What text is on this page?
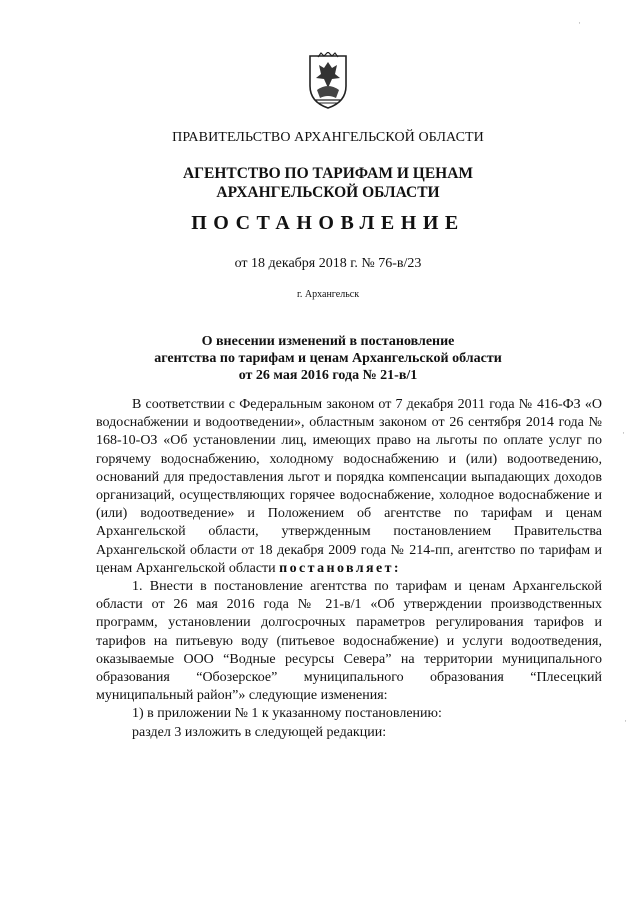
ПРАВИТЕЛЬСТВО АРХАНГЕЛЬСКОЙ ОБЛАСТИ
АГЕНТСТВО ПО ТАРИФАМ И ЦЕНАМ
АРХАНГЕЛЬСКОЙ ОБЛАСТИ
ПОСТАНОВЛЕНИЕ
от 18 декабря 2018 г. № 76-в/23
г. Архангельск
О внесении изменений в постановление
агентства по тарифам и ценам Архангельской области
от 26 мая 2016 года № 21-в/1

В соответствии с Федеральным законом от 7 декабря 2011 года № 416-ФЗ «О водоснабжении и водоотведении», областным законом от 26 сентября 2014 года № 168-10-ОЗ «Об установлении лиц, имеющих право на льготы по оплате услуг по горячему водоснабжению, холодному водоснабжению и (или) водоотведению, оснований для предоставления льгот и порядка компенсации выпадающих доходов организаций, осуществляющих горячее водоснабжение, холодное водоснабжение и (или) водоотведение» и Положением об агентстве по тарифам и ценам Архангельской области, утвержденным постановлением Правительства Архангельской области от 18 декабря 2009 года № 214-пп, агентство по тарифам и ценам Архангельской области постановляет:

1. Внести в постановление агентства по тарифам и ценам Архангельской области от 26 мая 2016 года № 21-в/1 «Об утверждении производственных программ, установлении долгосрочных параметров регулирования тарифов и тарифов на питьевую воду (питьевое водоснабжение) и услуги водоотведения, оказываемые ООО “Водные ресурсы Севера” на территории муниципального образования “Обозерское” муниципального образования “Плесецкий муниципальный район”» следующие изменения:

1) в приложении № 1 к указанному постановлению:

раздел 3 изложить в следующей редакции:

·
·
·
